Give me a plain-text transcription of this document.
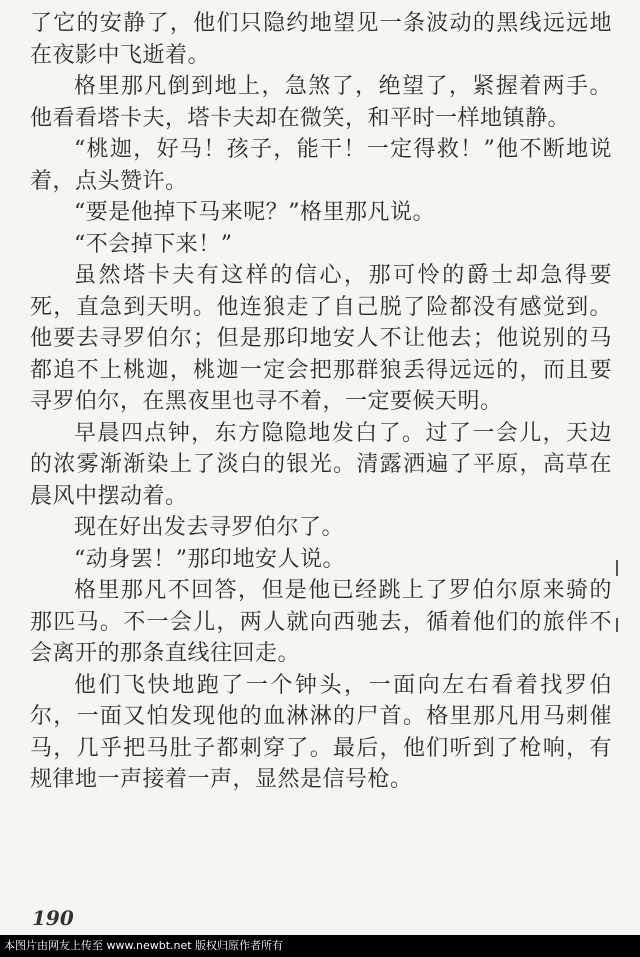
了它的安静了，他们只隐约地望见一条波动的黑线远远地在夜影中飞逝着。

格里那凡倒到地上，急煞了，绝望了，紧握着两手。他看看塔卡夫，塔卡夫却在微笑，和平时一样地镇静。

“桃迦，好马！孩子，能干！一定得救！”他不断地说着，点头赞许。

“要是他掉下马来呢？”格里那凡说。

“不会掉下来！”

虽然塔卡夫有这样的信心，那可怜的爵士却急得要死，直急到天明。他连狼走了自己脱了险都没有感觉到。他要去寻罗伯尔；但是那印地安人不让他去；他说别的马都追不上桃迦，桃迦一定会把那群狼丢得远远的，而且要寻罗伯尔，在黑夜里也寻不着，一定要候天明。

早晨四点钟，东方隐隐地发白了。过了一会儿，天边的浓雾渐渐染上了淡白的银光。清露洒遍了平原，高草在晨风中摆动着。

现在好出发去寻罗伯尔了。

“动身罢！”那印地安人说。

格里那凡不回答，但是他已经跳上了罗伯尔原来骑的那匹马。不一会儿，两人就向西驰去，循着他们的旅伴不会离开的那条直线往回走。

他们飞快地跑了一个钟头，一面向左右看着找罗伯尔，一面又怕发现他的血淋淋的尸首。格里那凡用马刺催马，几乎把马肚子都刺穿了。最后，他们听到了枪响，有规律地一声接着一声，显然是信号枪。

190
本图片由网友上传至 www.newbt.net 版权归原作者所有
